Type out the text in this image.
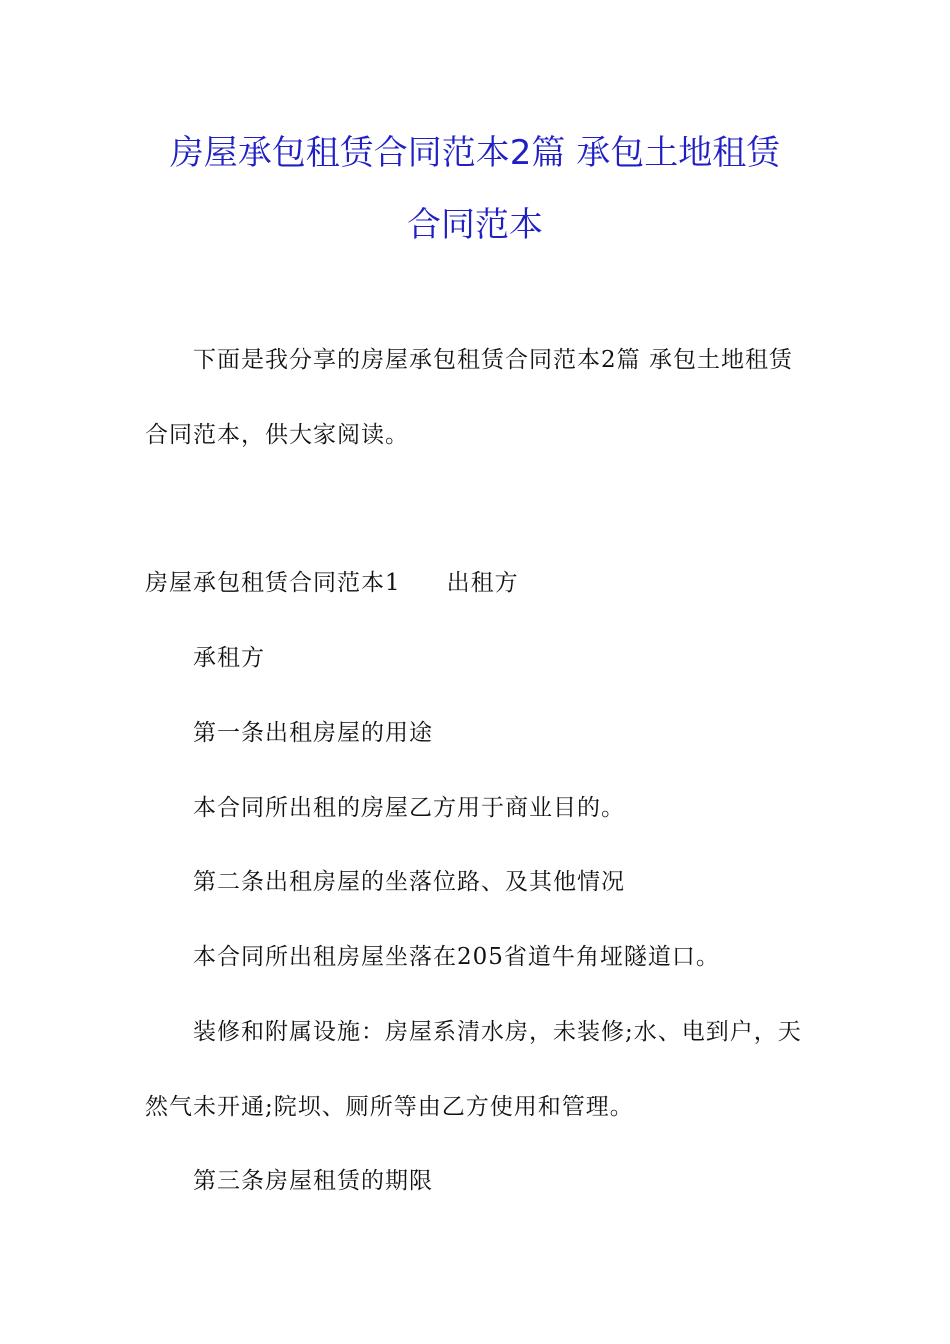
房屋承包租赁合同范本2篇 承包土地租赁
合同范本
下面是我分享的房屋承包租赁合同范本2篇 承包土地租赁
合同范本，供大家阅读。
房屋承包租赁合同范本1 出租方
承租方
第一条出租房屋的用途
本合同所出租的房屋乙方用于商业目的。
第二条出租房屋的坐落位路、及其他情况
本合同所出租房屋坐落在205省道牛角垭隧道口。
装修和附属设施：房屋系清水房，未装修;水、电到户，天
然气未开通;院坝、厕所等由乙方使用和管理。
第三条房屋租赁的期限
